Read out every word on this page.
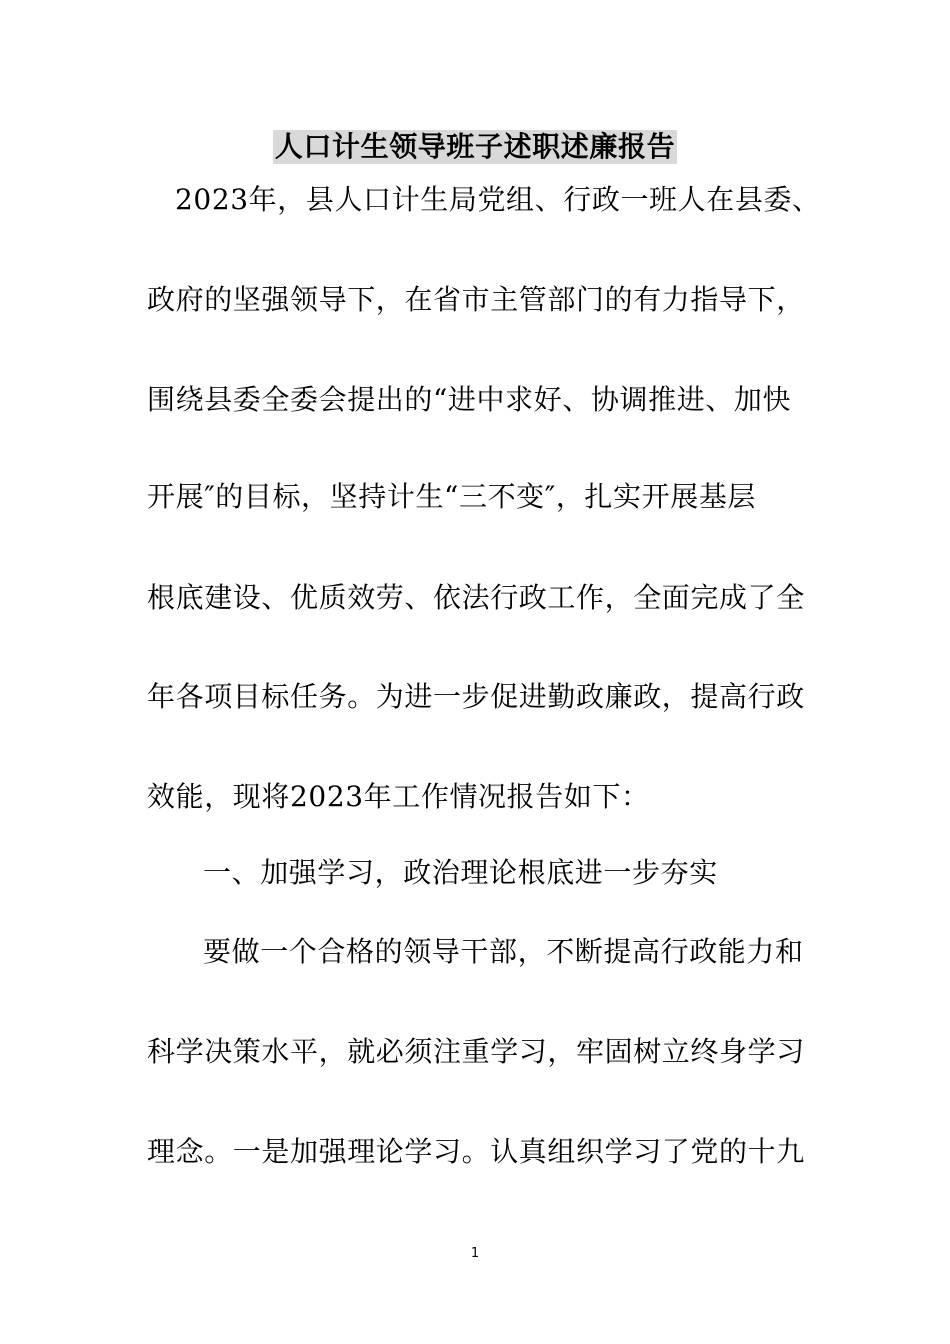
人口计生领导班子述职述廉报告
2023年，县人口计生局党组、行政一班人在县委、
政府的坚强领导下，在省市主管部门的有力指导下，
围绕县委全委会提出的“进中求好、协调推进、加快
开展″的目标，坚持计生“三不变″，扎实开展基层
根底建设、优质效劳、依法行政工作，全面完成了全
年各项目标任务。为进一步促进勤政廉政，提高行政
效能，现将2023年工作情况报告如下：
一、加强学习，政治理论根底进一步夯实
要做一个合格的领导干部，不断提高行政能力和
科学决策水平，就必须注重学习，牢固树立终身学习
理念。一是加强理论学习。认真组织学习了党的十九
1
